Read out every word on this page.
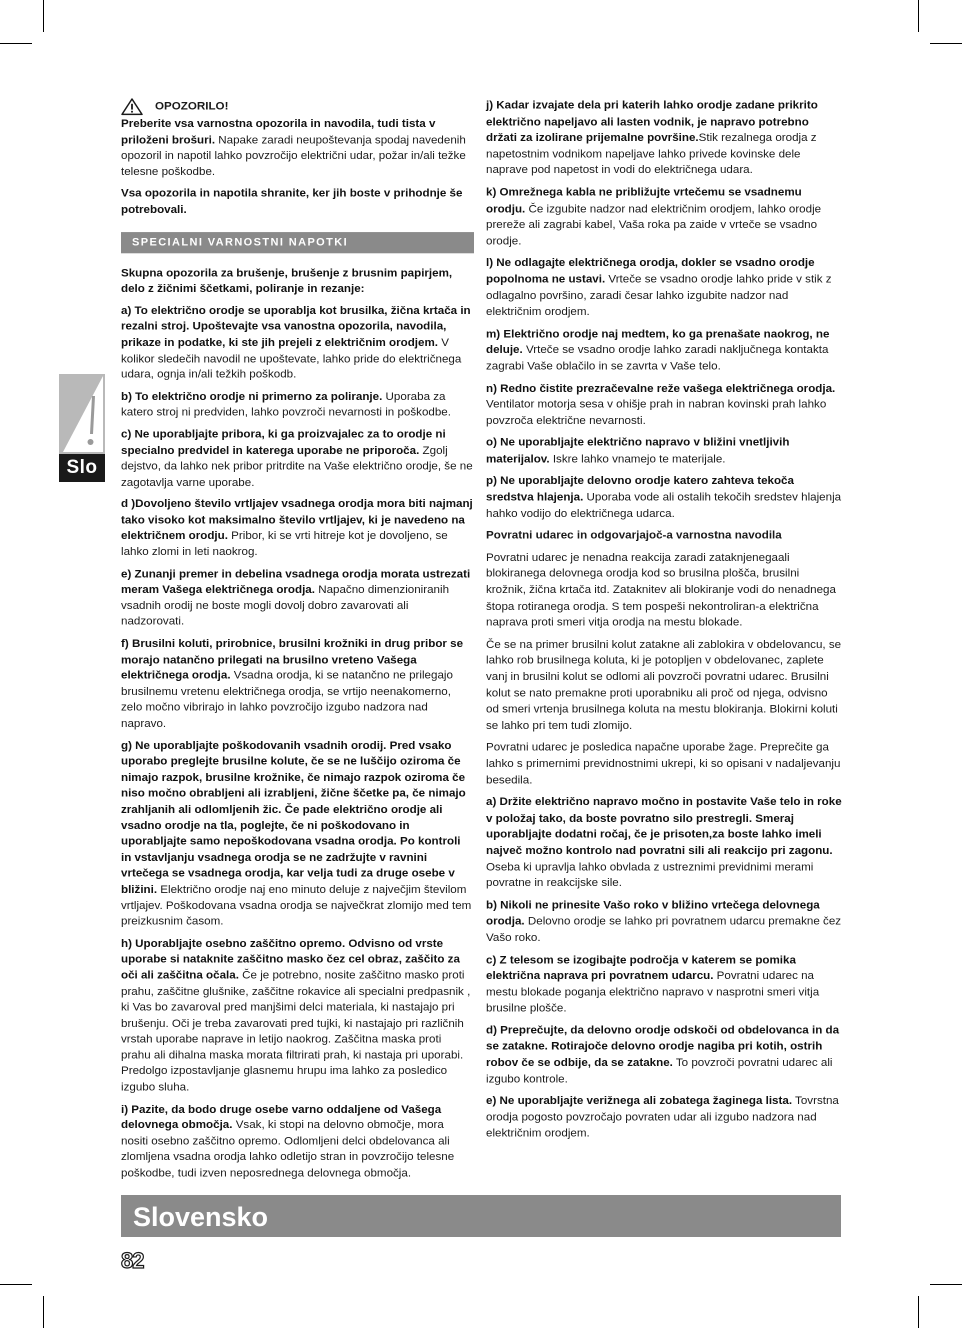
Slo
OPOZORILO!

Preberite vsa varnostna opozorila in navodila, tudi tista v priloženi brošuri. Napake zaradi neupoštevanja spodaj navedenih opozoril in napotil lahko povzročijo električni udar, požar in/ali težke telesne poškodbe.

Vsa opozorila in napotila shranite, ker jih boste v prihodnje še potrebovali.

SPECIALNI VARNOSTNI NAPOTKI

Skupna opozorila za brušenje, brušenje z brusnim papirjem, delo z žičnimi ščetkami, poliranje in rezanje:

a) To električno orodje se uporablja kot brusilka, žična krtača in rezalni stroj. Upoštevajte vsa vanostna opozorila, navodila, prikaze in podatke, ki ste jih prejeli z električnim orodjem. V kolikor sledečih navodil ne upoštevate, lahko pride do električnega udara, ognja in/ali težkih poškodb.

b) To električno orodje ni primerno za poliranje. Uporaba za katero stroj ni predviden, lahko povzroči nevarnosti in poškodbe.

c) Ne uporabljajte pribora, ki ga proizvajalec za to orodje ni specialno predvidel in katerega uporabe ne priporoča. Zgolj dejstvo, da lahko nek pribor pritrdite na Vaše električno orodje, še ne zagotavlja varne uporabe.

d )Dovoljeno število vrtljajev vsadnega orodja mora biti najmanj tako visoko kot maksimalno število vrtljajev, ki je navedeno na električnem orodju. Pribor, ki se vrti hitreje kot je dovoljeno, se lahko zlomi in leti naokrog.

e) Zunanji premer in debelina vsadnega orodja morata ustrezati meram Vašega električnega orodja. Napačno dimenzioniranih vsadnih orodij ne boste mogli dovolj dobro zavarovati ali nadzorovati.

f) Brusilni koluti, prirobnice, brusilni krožniki in drug pribor se morajo natančno prilegati na brusilno vreteno Vašega električnega orodja. Vsadna orodja, ki se natančno ne prilegajo brusilnemu vretenu električnega orodja, se vrtijo neenakomerno, zelo močno vibrirajo in lahko povzročijo izgubo nadzora nad napravo.

g) Ne uporabljajte poškodovanih vsadnih orodij. Pred vsako uporabo preglejte brusilne kolute, če se ne luščijo oziroma če nimajo razpok, brusilne krožnike, če nimajo razpok oziroma če niso močno obrabljeni ali izrabljeni, žične ščetke pa, če nimajo zrahljanih ali odlomljenih žic. Če pade električno orodje ali vsadno orodje na tla, poglejte, če ni poškodovano in uporabljajte samo nepoškodovana vsadna orodja. Po kontroli in vstavljanju vsadnega orodja se ne zadržujte v ravnini vrtečega se vsadnega orodja, kar velja tudi za druge osebe v bližini. Električno orodje naj eno minuto deluje z največjim številom vrtljajev. Poškodovana vsadna orodja se največkrat zlomijo med tem preizkusnim časom.

h) Uporabljajte osebno zaščitno opremo. Odvisno od vrste uporabe si nataknite zaščitno masko čez cel obraz, zaščito za oči ali zaščitna očala. Če je potrebno, nosite zaščitno masko proti prahu, zaščitne glušnike, zaščitne rokavice ali specialni predpasnik , ki Vas bo zavaroval pred manjšimi delci materiala, ki nastajajo pri brušenju. Oči je treba zavarovati pred tujki, ki nastajajo pri različnih vrstah uporabe naprave in letijo naokrog. Zaščitna maska proti prahu ali dihalna maska morata filtrirati prah, ki nastaja pri uporabi. Predolgo izpostavljanje glasnemu hrupu ima lahko za posledico izgubo sluha.

i) Pazite, da bodo druge osebe varno oddaljene od Vašega delovnega območja. Vsak, ki stopi na delovno območje, mora nositi osebno zaščitno opremo. Odlomljeni delci obdelovanca ali zlomljena vsadna orodja lahko odletijo stran in povzročijo telesne poškodbe, tudi izven neposrednega delovnega območja.

j) Kadar izvajate dela pri katerih lahko orodje zadane prikrito električno napeljavo ali lasten vodnik, je napravo potrebno držati za izolirane prijemalne površine.Stik rezalnega orodja z napetostnim vodnikom napeljave lahko privede kovinske dele naprave pod napetost in vodi do električnega udara.

k) Omrežnega kabla ne približujte vrtečemu se vsadnemu orodju. Če izgubite nadzor nad električnim orodjem, lahko orodje prereže ali zagrabi kabel, Vaša roka pa zaide v vrteče se vsadno orodje.

l) Ne odlagajte električnega orodja, dokler se vsadno orodje popolnoma ne ustavi. Vrteče se vsadno orodje lahko pride v stik z odlagalno površino, zaradi česar lahko izgubite nadzor nad električnim orodjem.

m) Električno orodje naj medtem, ko ga prenašate naokrog, ne deluje. Vrteče se vsadno orodje lahko zaradi naključnega kontakta zagrabi Vaše oblačilo in se zavrta v Vaše telo.

n) Redno čistite prezračevalne reže vašega električnega orodja. Ventilator motorja sesa v ohišje prah in nabran kovinski prah lahko povzroča električne nevarnosti.

o) Ne uporabljajte električno napravo v bližini vnetljivih materijalov. Iskre lahko vnamejo te materijale.

p) Ne uporabljajte delovno orodje katero zahteva tekoča sredstva hlajenja. Uporaba vode ali ostalih tekočih sredstev hlajenja hahko vodijo do električnega udarca.

Povratni udarec in odgovarjajoč-a varnostna navodila

Povratni udarec je nenadna reakcija zaradi zataknjenegaali blokiranega delovnega orodja kod so brusilna plošča, brusilni krožnik, žična krtača itd. Zataknitev ali blokiranje vodi do nenadnega štopa rotiranega orodja. S tem pospeši nekontroliran-a električna naprava proti smeri vitja orodja na mestu blokade.

Če se na primer brusilni kolut zatakne ali zablokira v obdelovancu, se lahko rob brusilnega koluta, ki je potopljen v obdelovanec, zaplete vanj in brusilni kolut se odlomi ali povzroči povratni udarec. Brusilni kolut se nato premakne proti uporabniku ali proč od njega, odvisno od smeri vrtenja brusilnega koluta na mestu blokiranja. Blokirni koluti se lahko pri tem tudi zlomijo.

Povratni udarec je posledica napačne uporabe žage. Preprečite ga lahko s primernimi previdnostnimi ukrepi, ki so opisani v nadaljevanju besedila.

a) Držite električno napravo močno in postavite Vaše telo in roke v položaj tako, da boste povratno silo prestregli. Smeraj uporabljajte dodatni ročaj, če je prisoten,za boste lahko imeli največ možno kontrolo nad povratni sili ali reakcijo pri zagonu. Oseba ki upravlja lahko obvlada z ustreznimi previdnimi merami povratne in reakcijske sile.

b) Nikoli ne prinesite Vašo roko v bližino vrtečega delovnega orodja. Delovno orodje se lahko pri povratnem udarcu premakne čez Vašo roko.

c) Z telesom se izogibajte področja v katerem se pomika električna naprava pri povratnem udarcu. Povratni udarec na mestu blokade poganja električno napravo v nasprotni smeri vitja brusilne plošče.

d) Preprečujte, da delovno orodje odskoči od obdelovanca in da se zatakne. Rotirajoče delovno orodje nagiba pri kotih, ostrih robov če se odbije, da se zatakne. To povzroči povratni udarec ali izgubo kontrole.

e) Ne uporabljajte verižnega ali zobatega žaginega lista. Tovrstna orodja pogosto povzročajo povraten udar ali izgubo nadzora nad električnim orodjem.

Slovensko
82
